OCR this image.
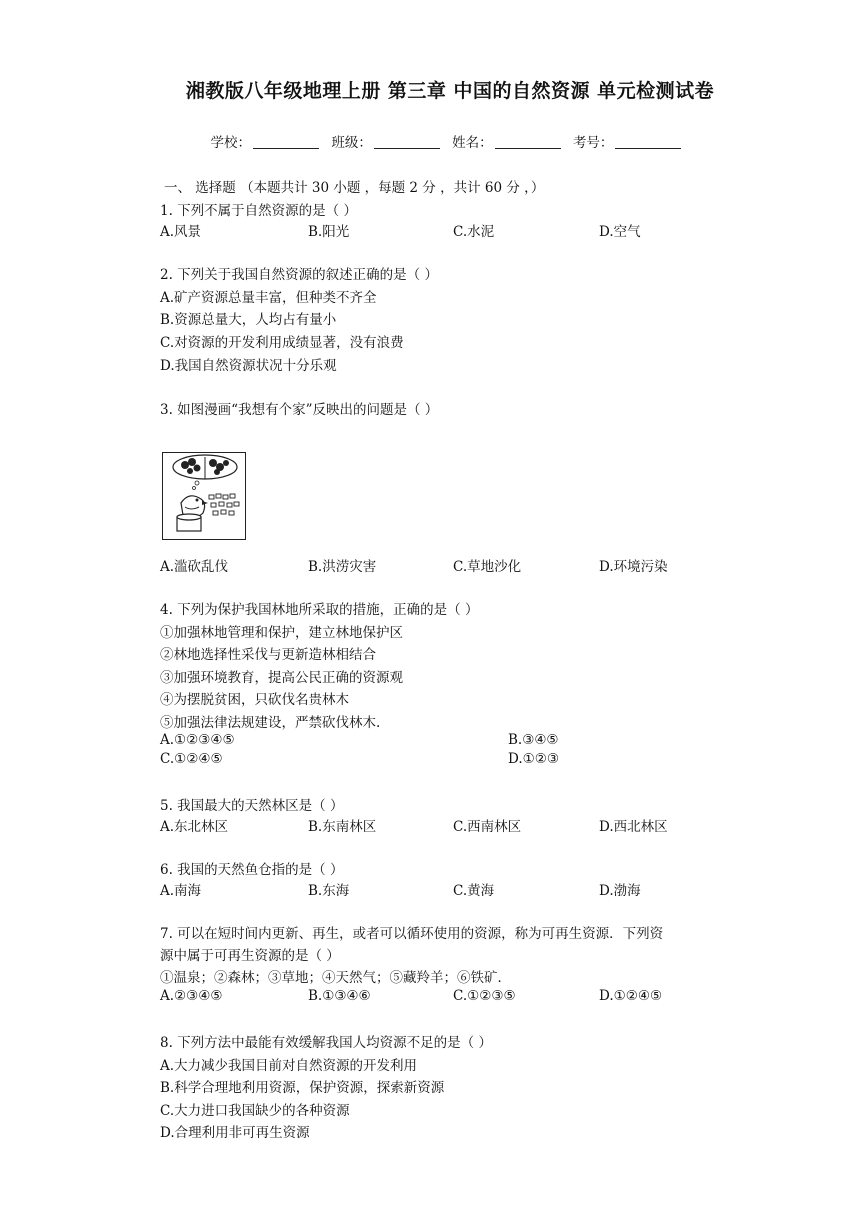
湘教版八年级地理上册 第三章 中国的自然资源 单元检测试卷
学校：	班级：	姓名：	考号：
一、 选择题 （本题共计 30 小题 ，每题 2 分 ，共计 60 分 ，）
1. 下列不属于自然资源的是（ ）
A.风景	B.阳光	C.水泥	D.空气
2. 下列关于我国自然资源的叙述正确的是（ ）
A.矿产资源总量丰富，但种类不齐全
B.资源总量大，人均占有量小
C.对资源的开发利用成绩显著，没有浪费
D.我国自然资源状况十分乐观
3. 如图漫画“我想有个家”反映出的问题是（ ）
A.滥砍乱伐	B.洪涝灾害	C.草地沙化	D.环境污染
4. 下列为保护我国林地所采取的措施，正确的是（ ）
①加强林地管理和保护，建立林地保护区
②林地选择性采伐与更新造林相结合
③加强环境教育，提高公民正确的资源观
④为摆脱贫困，只砍伐名贵林木
⑤加强法律法规建设，严禁砍伐林木.
A.①②③④⑤	B.③④⑤
C.①②④⑤	D.①②③
5. 我国最大的天然林区是（ ）
A.东北林区	B.东南林区	C.西南林区	D.西北林区
6. 我国的天然鱼仓指的是（ ）
A.南海	B.东海	C.黄海	D.渤海
7. 可以在短时间内更新、再生，或者可以循环使用的资源，称为可再生资源．下列资
源中属于可再生资源的是（ ）
①温泉；②森林；③草地；④天然气；⑤藏羚羊；⑥铁矿．
A.②③④⑤	B.①③④⑥	C.①②③⑤	D.①②④⑤
8. 下列方法中最能有效缓解我国人均资源不足的是（ ）
A.大力减少我国目前对自然资源的开发利用
B.科学合理地利用资源，保护资源，探索新资源
C.大力进口我国缺少的各种资源
D.合理利用非可再生资源
